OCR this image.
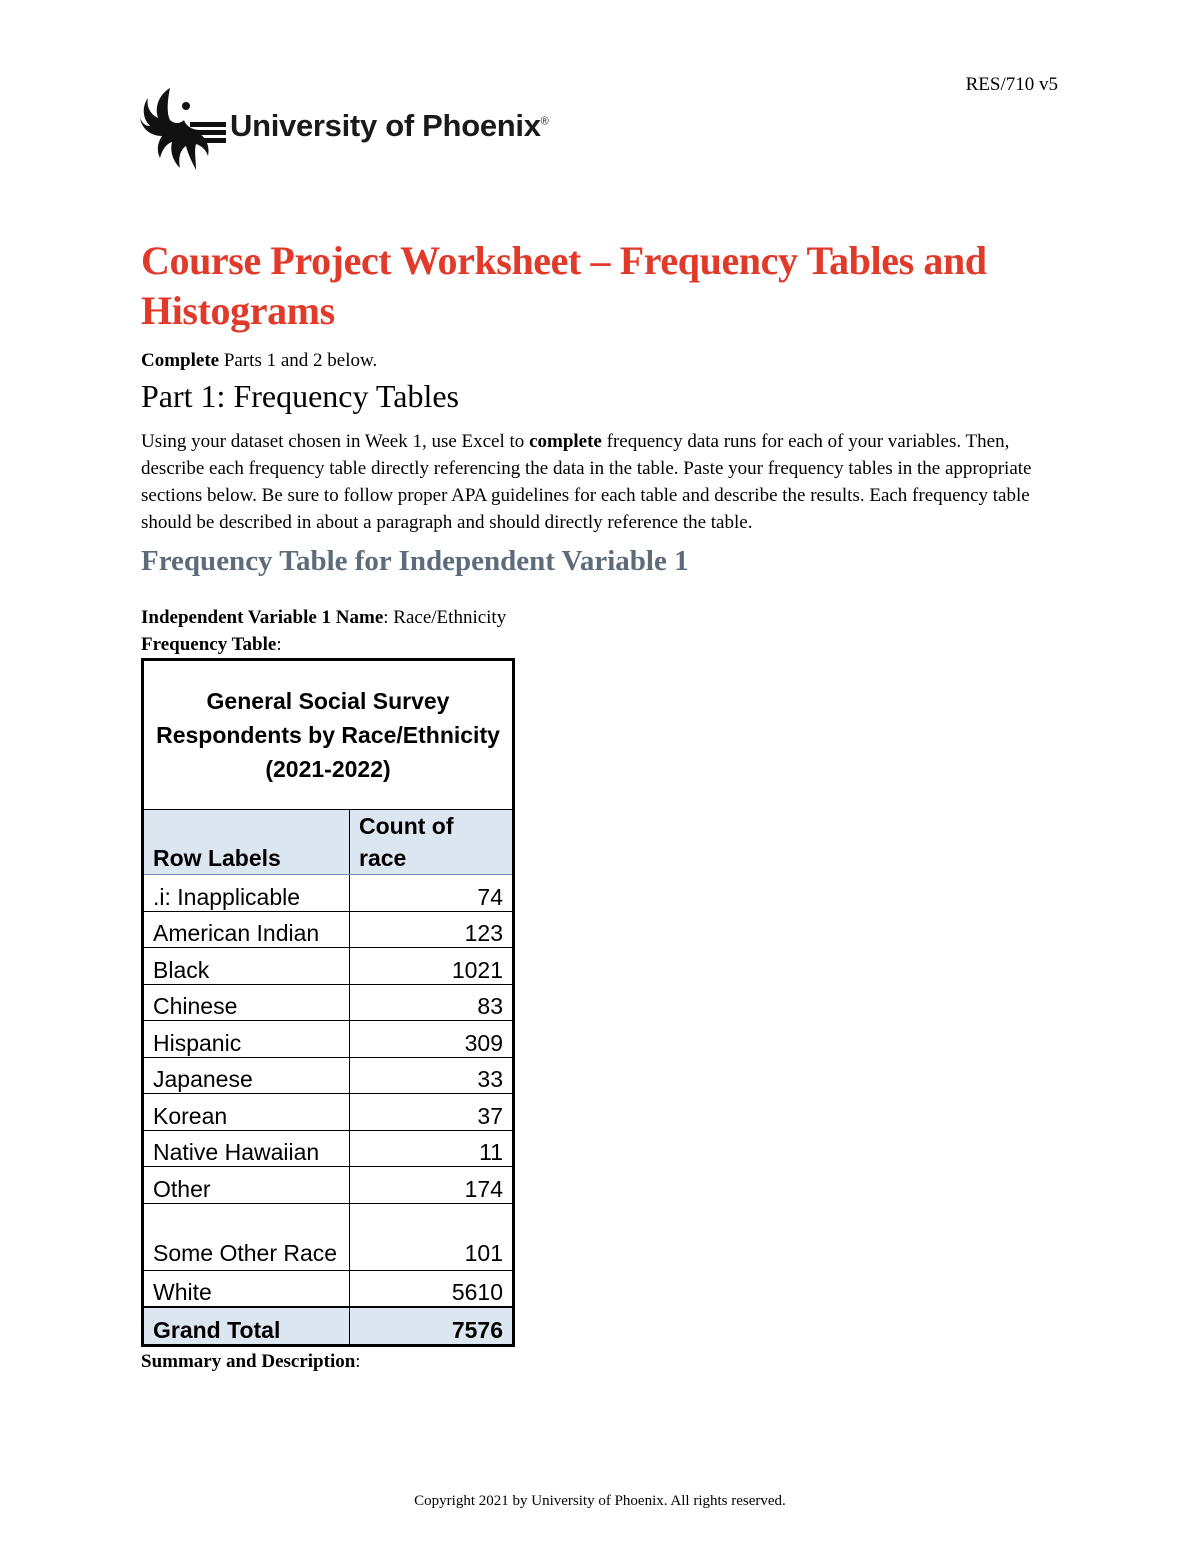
RES/710 v5
University of Phoenix®
Course Project Worksheet – Frequency Tables and Histograms

Complete Parts 1 and 2 below.

Part 1: Frequency Tables

Using your dataset chosen in Week 1, use Excel to complete frequency data runs for each of your variables. Then, describe each frequency table directly referencing the data in the table. Paste your frequency tables in the appropriate sections below. Be sure to follow proper APA guidelines for each table and describe the results. Each frequency table should be described in about a paragraph and should directly reference the table.

Frequency Table for Independent Variable 1
Independent Variable 1 Name: Race/Ethnicity
Frequency Table:
General Social Survey Respondents by Race/Ethnicity (2021-2022)	
Row Labels	Count of race
.i: Inapplicable	74
American Indian	123
Black	1021
Chinese	83
Hispanic	309
Japanese	33
Korean	37
Native Hawaiian	11
Other	174
Some Other Race	101
White	5610
Grand Total	7576
Summary and Description:
Copyright 2021 by University of Phoenix. All rights reserved.
